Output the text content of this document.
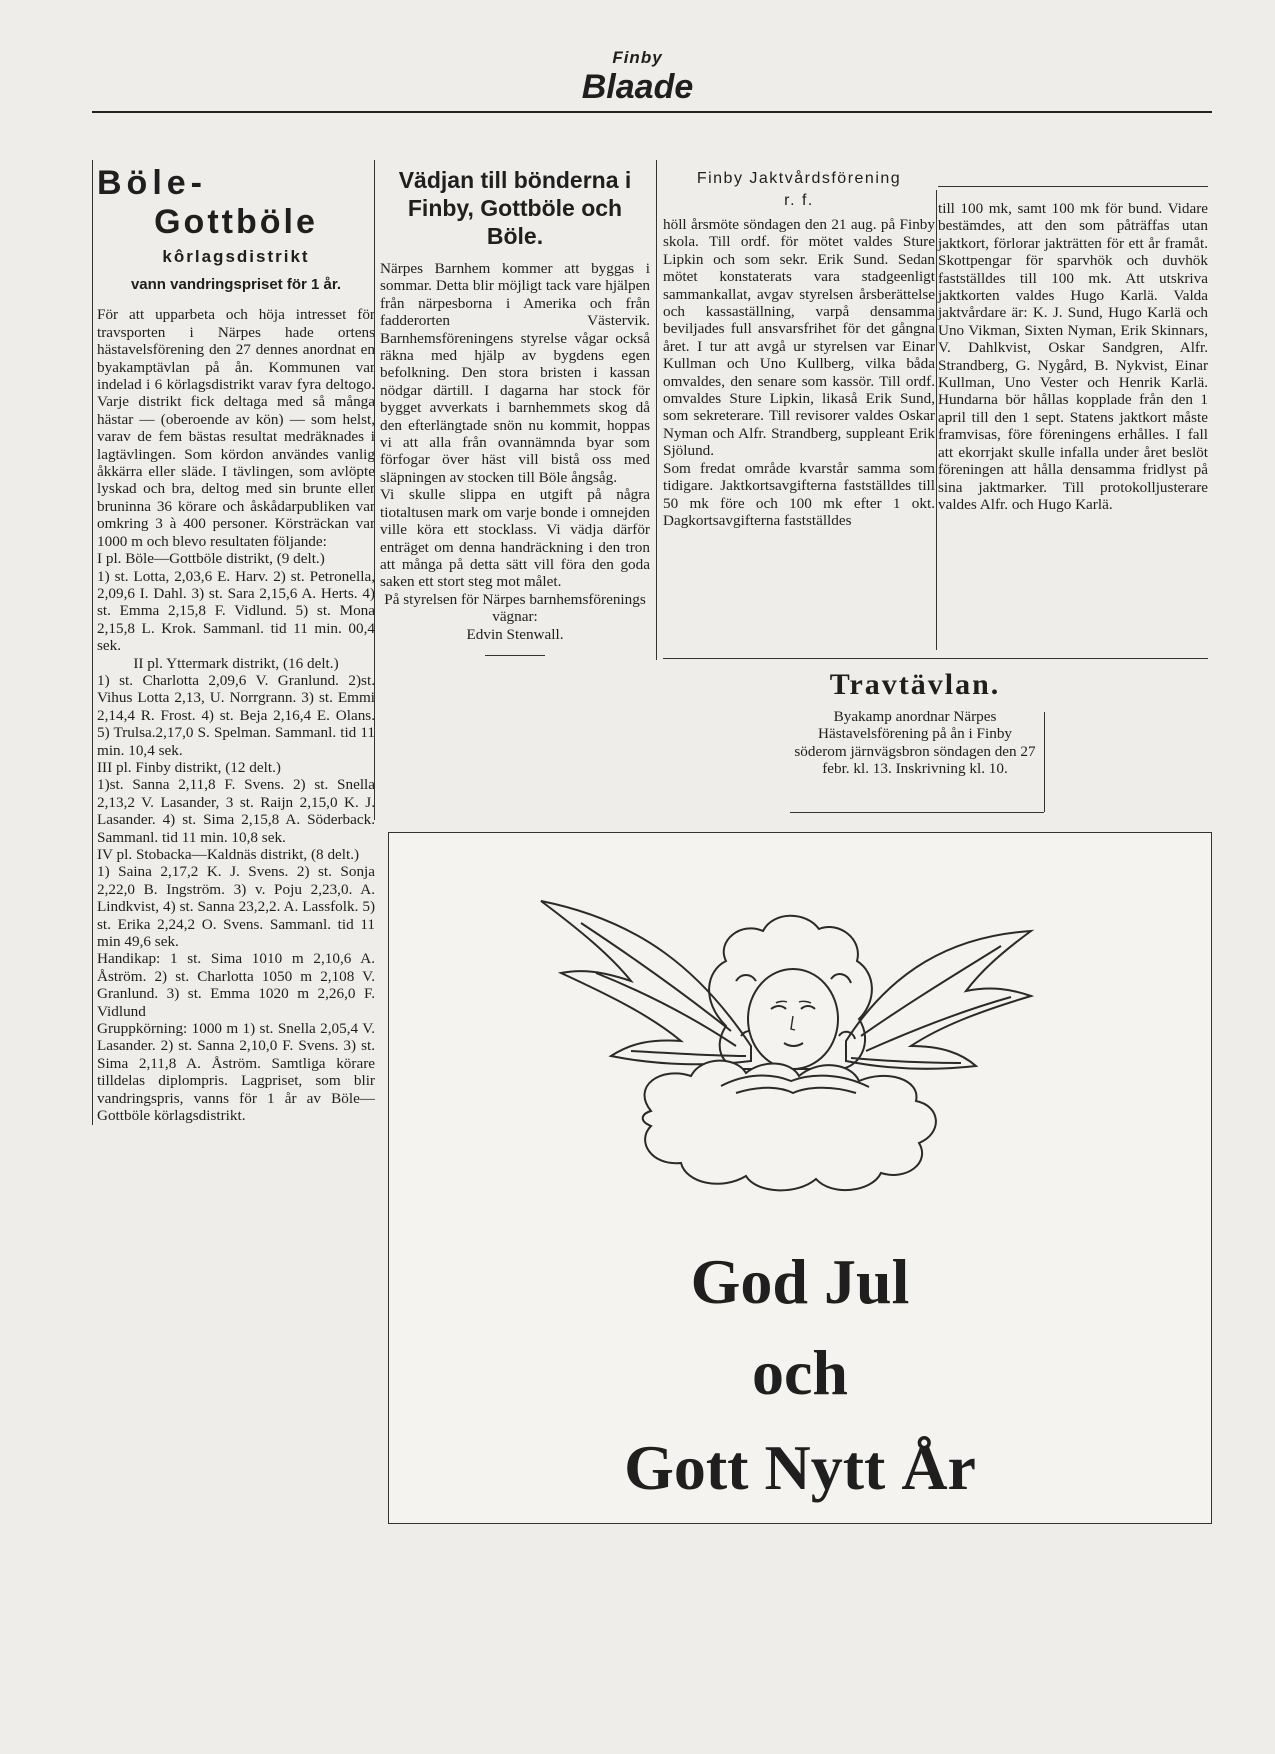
Finby
Blaade
Böle-
Gottböle
kôrlagsdistrikt
vann vandringspriset för 1 år.

För att upparbeta och höja intresset för travsporten i Närpes hade ortens hästavelsförening den 27 dennes anordnat en byakamptävlan på ån. Kommunen var indelad i 6 körlagsdistrikt varav fyra deltogo. Varje distrikt fick deltaga med så många hästar — (oberoende av kön) — som helst, varav de fem bästas resultat medräknades i lagtävlingen. Som kördon användes vanlig åkkärra eller släde. I tävlingen, som avlöpte lyskad och bra, deltog med sin brunte eller bruninna 36 körare och åskådarpubliken var omkring 3 à 400 personer. Körsträckan var 1000 m och blevo resultaten följande:

I pl. Böle—Gottböle distrikt, (9 delt.)

1) st. Lotta, 2,03,6 E. Harv. 2) st. Petronella, 2,09,6 I. Dahl. 3) st. Sara 2,15,6 A. Herts. 4) st. Emma 2,15,8 F. Vidlund. 5) st. Mona 2,15,8 L. Krok. Sammanl. tid 11 min. 00,4 sek.

II pl. Yttermark distrikt, (16 delt.)

1) st. Charlotta 2,09,6 V. Granlund. 2)st. Vihus Lotta 2,13, U. Norrgrann. 3) st. Emmi 2,14,4 R. Frost. 4) st. Beja 2,16,4 E. Olans. 5) Trulsa.2,17,0 S. Spelman. Sammanl. tid 11 min. 10,4 sek.

III pl. Finby distrikt, (12 delt.)

1)st. Sanna 2,11,8 F. Svens. 2) st. Snella 2,13,2 V. Lasander, 3 st. Raijn 2,15,0 K. J. Lasander. 4) st. Sima 2,15,8 A. Söderback. Sammanl. tid 11 min. 10,8 sek.

IV pl. Stobacka—Kaldnäs distrikt, (8 delt.)

1) Saina 2,17,2 K. J. Svens. 2) st. Sonja 2,22,0 B. Ingström. 3) v. Poju 2,23,0. A. Lindkvist, 4) st. Sanna 23,2,2. A. Lassfolk. 5) st. Erika 2,24,2 O. Svens. Sammanl. tid 11 min 49,6 sek.

Handikap: 1 st. Sima 1010 m 2,10,6 A. Åström. 2) st. Charlotta 1050 m 2,108 V. Granlund. 3) st. Emma 1020 m 2,26,0 F. Vidlund

Gruppkörning: 1000 m 1) st. Snella 2,05,4 V. Lasander. 2) st. Sanna 2,10,0 F. Svens. 3) st. Sima 2,11,8 A. Åström. Samtliga körare tilldelas diplompris. Lagpriset, som blir vandringspris, vanns för 1 år av Böle—Gottböle körlagsdistrikt.

Vädjan till bönderna i Finby, Gottböle och Böle.

Närpes Barnhem kommer att byggas i sommar. Detta blir möjligt tack vare hjälpen från närpesborna i Amerika och från fadderorten Västervik. Barnhemsföreningens styrelse vågar också räkna med hjälp av bygdens egen befolkning. Den stora bristen i kassan nödgar därtill. I dagarna har stock för bygget avverkats i barnhemmets skog då den efterlängtade snön nu kommit, hoppas vi att alla från ovannämnda byar som förfogar över häst vill bistå oss med släpningen av stocken till Böle ångsåg.

Vi skulle slippa en utgift på några tiotaltusen mark om varje bonde i omnejden ville köra ett stocklass. Vi vädja därför enträget om denna handräckning i den tron att många på detta sätt vill föra den goda saken ett stort steg mot målet.

På styrelsen för Närpes barnhemsförenings vägnar:

Edvin Stenwall.

Finby Jaktvårdsförening
r. f.

höll årsmöte söndagen den 21 aug. på Finby skola. Till ordf. för mötet valdes Sture Lipkin och som sekr. Erik Sund. Sedan mötet konstaterats vara stadgeenligt sammankallat, avgav styrelsen årsberättelse och kassaställning, varpå densamma beviljades full ansvarsfrihet för det gångna året. I tur att avgå ur styrelsen var Einar Kullman och Uno Kullberg, vilka båda omvaldes, den senare som kassör. Till ordf. omvaldes Sture Lipkin, likaså Erik Sund, som sekreterare. Till revisorer valdes Oskar Nyman och Alfr. Strandberg, suppleant Erik Sjölund.

Som fredat område kvarstår samma som tidigare. Jaktkortsavgifterna fastställdes till 50 mk före och 100 mk efter 1 okt. Dagkortsavgifterna fastställdes

till 100 mk, samt 100 mk för bund. Vidare bestämdes, att den som påträffas utan jaktkort, förlorar jakträtten för ett år framåt. Skottpengar för sparvhök och duvhök fastställdes till 100 mk. Att utskriva jaktkorten valdes Hugo Karlä. Valda jaktvårdare är: K. J. Sund, Hugo Karlä och Uno Vikman, Sixten Nyman, Erik Skinnars, V. Dahlkvist, Oskar Sandgren, Alfr. Strandberg, G. Nygård, B. Nykvist, Einar Kullman, Uno Vester och Henrik Karlä. Hundarna bör hållas kopplade från den 1 april till den 1 sept. Statens jaktkort måste framvisas, före föreningens erhålles. I fall att ekorrjakt skulle infalla under året beslöt föreningen att hålla densamma fridlyst på sina jaktmarker. Till protokolljusterare valdes Alfr. och Hugo Karlä.

Travtävlan.
Byakamp anordnar Närpes Hästavelsförening på ån i Finby söderom järnvägsbron söndagen den 27 febr. kl. 13. Inskrivning kl. 10.
God Jul
och
Gott Nytt År
